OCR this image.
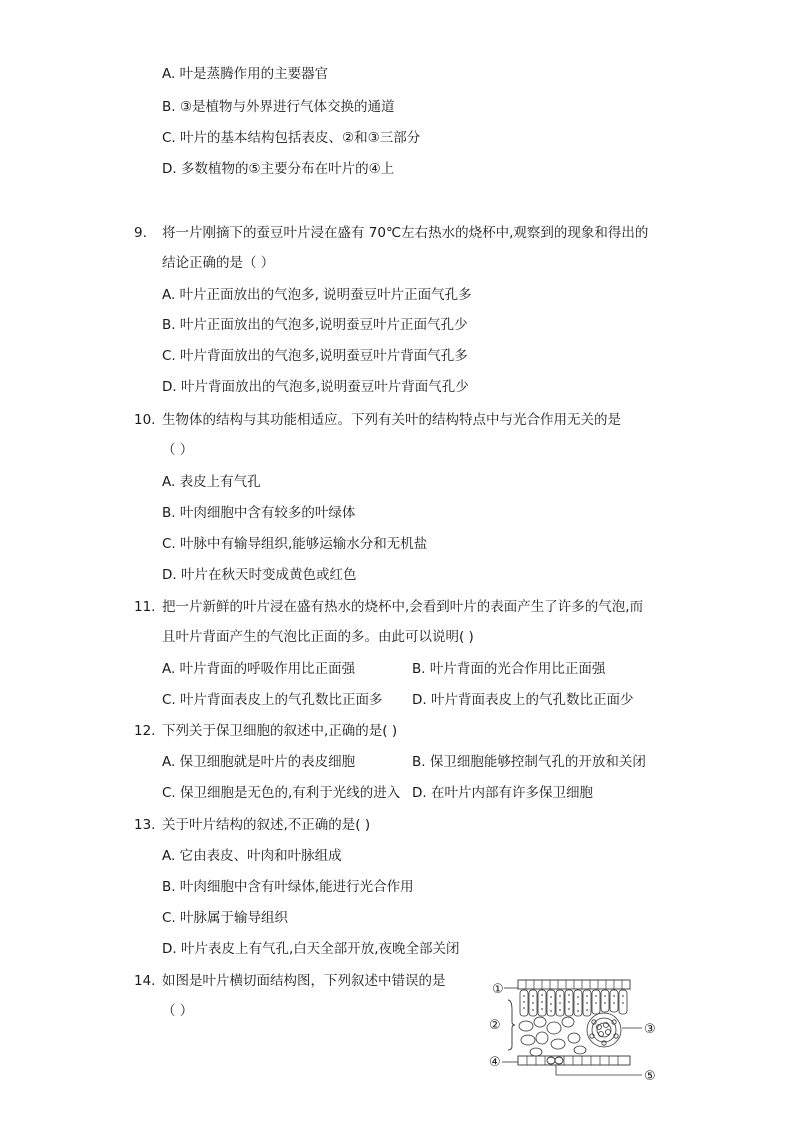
A. 叶是蒸腾作用的主要器官
B. ③是植物与外界进行气体交换的通道
C. 叶片的基本结构包括表皮、②和③三部分
D. 多数植物的⑤主要分布在叶片的④上
9. 将一片刚摘下的蚕豆叶片浸在盛有 70℃左右热水的烧杯中,观察到的现象和得出的
结论正确的是（ ）
A. 叶片正面放出的气泡多, 说明蚕豆叶片正面气孔多
B. 叶片正面放出的气泡多,说明蚕豆叶片正面气孔少
C. 叶片背面放出的气泡多,说明蚕豆叶片背面气孔多
D. 叶片背面放出的气泡多,说明蚕豆叶片背面气孔少
10. 生物体的结构与其功能相适应。下列有关叶的结构特点中与光合作用无关的是
（ ）
A. 表皮上有气孔
B. 叶肉细胞中含有较多的叶绿体
C. 叶脉中有输导组织,能够运输水分和无机盐
D. 叶片在秋天时变成黄色或红色
11. 把一片新鲜的叶片浸在盛有热水的烧杯中,会看到叶片的表面产生了许多的气泡,而
且叶片背面产生的气泡比正面的多。由此可以说明( )
A. 叶片背面的呼吸作用比正面强	B. 叶片背面的光合作用比正面强
C. 叶片背面表皮上的气孔数比正面多 D. 叶片背面表皮上的气孔数比正面少
12. 下列关于保卫细胞的叙述中,正确的是( )
A. 保卫细胞就是叶片的表皮细胞	B. 保卫细胞能够控制气孔的开放和关闭
C. 保卫细胞是无色的,有利于光线的进入 D. 在叶片内部有许多保卫细胞
13. 关于叶片结构的叙述,不正确的是( )
A. 它由表皮、叶肉和叶脉组成
B. 叶肉细胞中含有叶绿体,能进行光合作用
C. 叶脉属于输导组织
D. 叶片表皮上有气孔,白天全部开放,夜晚全部关闭
14. 如图是叶片横切面结构图，下列叙述中错误的是
（ ）
①
②
④
③
⑤
